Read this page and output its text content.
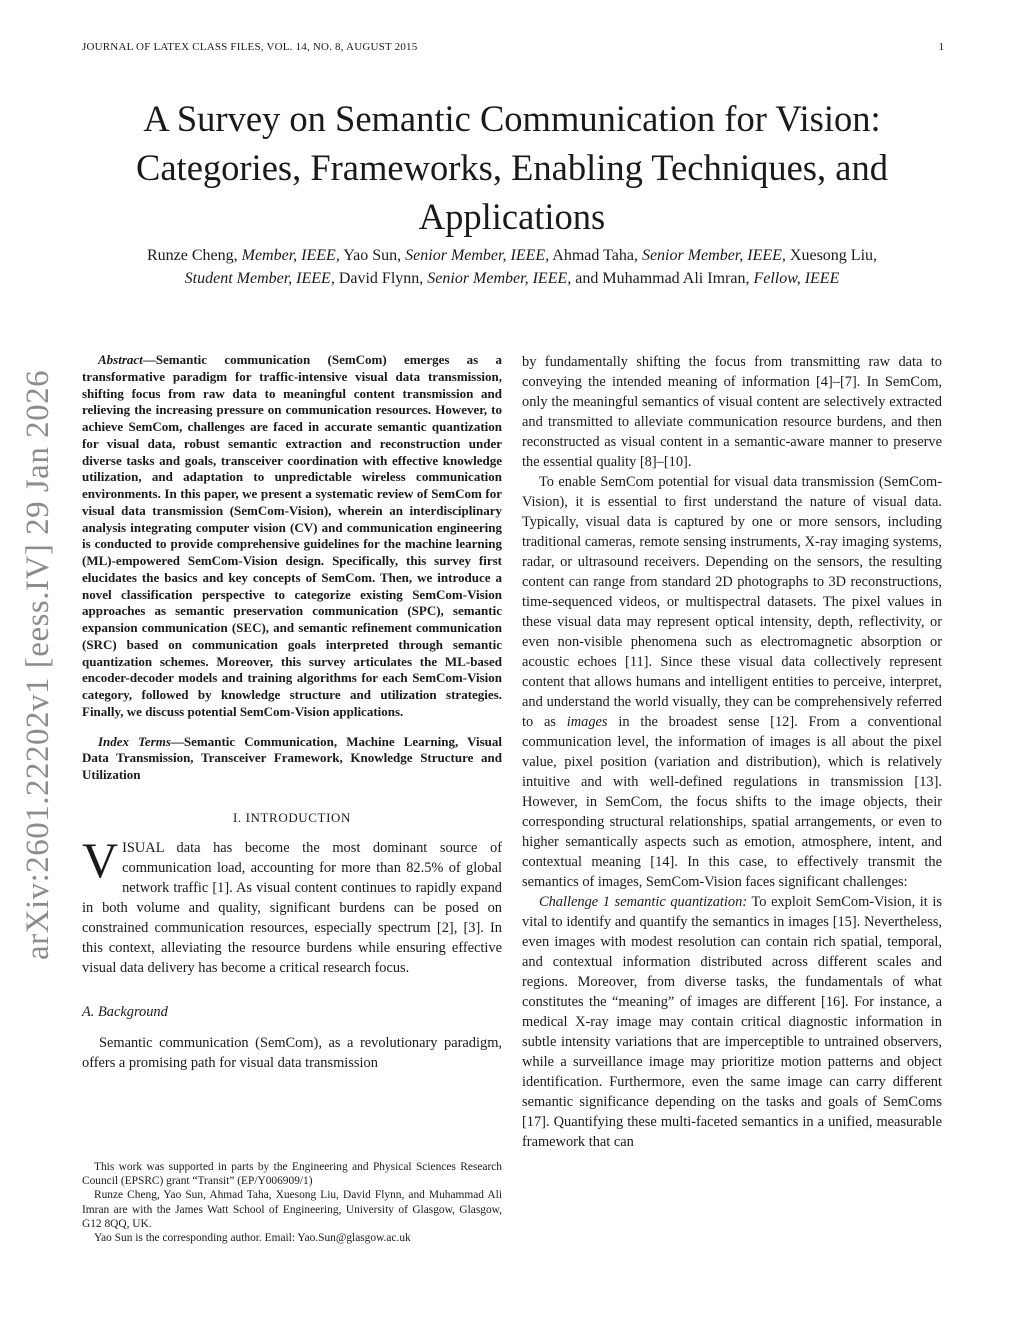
JOURNAL OF LATEX CLASS FILES, VOL. 14, NO. 8, AUGUST 2015	1
A Survey on Semantic Communication for Vision:
Categories, Frameworks, Enabling Techniques, and
Applications
Runze Cheng, Member, IEEE, Yao Sun, Senior Member, IEEE, Ahmad Taha, Senior Member, IEEE, Xuesong Liu,
Student Member, IEEE, David Flynn, Senior Member, IEEE, and Muhammad Ali Imran, Fellow, IEEE
arXiv:2601.22202v1 [eess.IV] 29 Jan 2026

Abstract—Semantic communication (SemCom) emerges as a transformative paradigm for traffic-intensive visual data transmission, shifting focus from raw data to meaningful content transmission and relieving the increasing pressure on communication resources. However, to achieve SemCom, challenges are faced in accurate semantic quantization for visual data, robust semantic extraction and reconstruction under diverse tasks and goals, transceiver coordination with effective knowledge utilization, and adaptation to unpredictable wireless communication environments. In this paper, we present a systematic review of SemCom for visual data transmission (SemCom-Vision), wherein an interdisciplinary analysis integrating computer vision (CV) and communication engineering is conducted to provide comprehensive guidelines for the machine learning (ML)-empowered SemCom-Vision design. Specifically, this survey first elucidates the basics and key concepts of SemCom. Then, we introduce a novel classification perspective to categorize existing SemCom-Vision approaches as semantic preservation communication (SPC), semantic expansion communication (SEC), and semantic refinement communication (SRC) based on communication goals interpreted through semantic quantization schemes. Moreover, this survey articulates the ML-based encoder-decoder models and training algorithms for each SemCom-Vision category, followed by knowledge structure and utilization strategies. Finally, we discuss potential SemCom-Vision applications.

Index Terms—Semantic Communication, Machine Learning, Visual Data Transmission, Transceiver Framework, Knowledge Structure and Utilization

I. INTRODUCTION

VISUAL data has become the most dominant source of communication load, accounting for more than 82.5% of global network traffic [1]. As visual content continues to rapidly expand in both volume and quality, significant burdens can be posed on constrained communication resources, especially spectrum [2], [3]. In this context, alleviating the resource burdens while ensuring effective visual data delivery has become a critical research focus.

A. Background

Semantic communication (SemCom), as a revolutionary paradigm, offers a promising path for visual data transmission

This work was supported in parts by the Engineering and Physical Sciences Research Council (EPSRC) grant “Transit” (EP/Y006909/1)

Runze Cheng, Yao Sun, Ahmad Taha, Xuesong Liu, David Flynn, and Muhammad Ali Imran are with the James Watt School of Engineering, University of Glasgow, Glasgow, G12 8QQ, UK.

Yao Sun is the corresponding author. Email: Yao.Sun@glasgow.ac.uk

by fundamentally shifting the focus from transmitting raw data to conveying the intended meaning of information [4]–[7]. In SemCom, only the meaningful semantics of visual content are selectively extracted and transmitted to alleviate communication resource burdens, and then reconstructed as visual content in a semantic-aware manner to preserve the essential quality [8]–[10].

To enable SemCom potential for visual data transmission (SemCom-Vision), it is essential to first understand the nature of visual data. Typically, visual data is captured by one or more sensors, including traditional cameras, remote sensing instruments, X-ray imaging systems, radar, or ultrasound receivers. Depending on the sensors, the resulting content can range from standard 2D photographs to 3D reconstructions, time-sequenced videos, or multispectral datasets. The pixel values in these visual data may represent optical intensity, depth, reflectivity, or even non-visible phenomena such as electromagnetic absorption or acoustic echoes [11]. Since these visual data collectively represent content that allows humans and intelligent entities to perceive, interpret, and understand the world visually, they can be comprehensively referred to as images in the broadest sense [12]. From a conventional communication level, the information of images is all about the pixel value, pixel position (variation and distribution), which is relatively intuitive and with well-defined regulations in transmission [13]. However, in SemCom, the focus shifts to the image objects, their corresponding structural relationships, spatial arrangements, or even to higher semantically aspects such as emotion, atmosphere, intent, and contextual meaning [14]. In this case, to effectively transmit the semantics of images, SemCom-Vision faces significant challenges:

Challenge 1 semantic quantization: To exploit SemCom-Vision, it is vital to identify and quantify the semantics in images [15]. Nevertheless, even images with modest resolution can contain rich spatial, temporal, and contextual information distributed across different scales and regions. Moreover, from diverse tasks, the fundamentals of what constitutes the “meaning” of images are different [16]. For instance, a medical X-ray image may contain critical diagnostic information in subtle intensity variations that are imperceptible to untrained observers, while a surveillance image may prioritize motion patterns and object identification. Furthermore, even the same image can carry different semantic significance depending on the tasks and goals of SemComs [17]. Quantifying these multi-faceted semantics in a unified, measurable framework that can
